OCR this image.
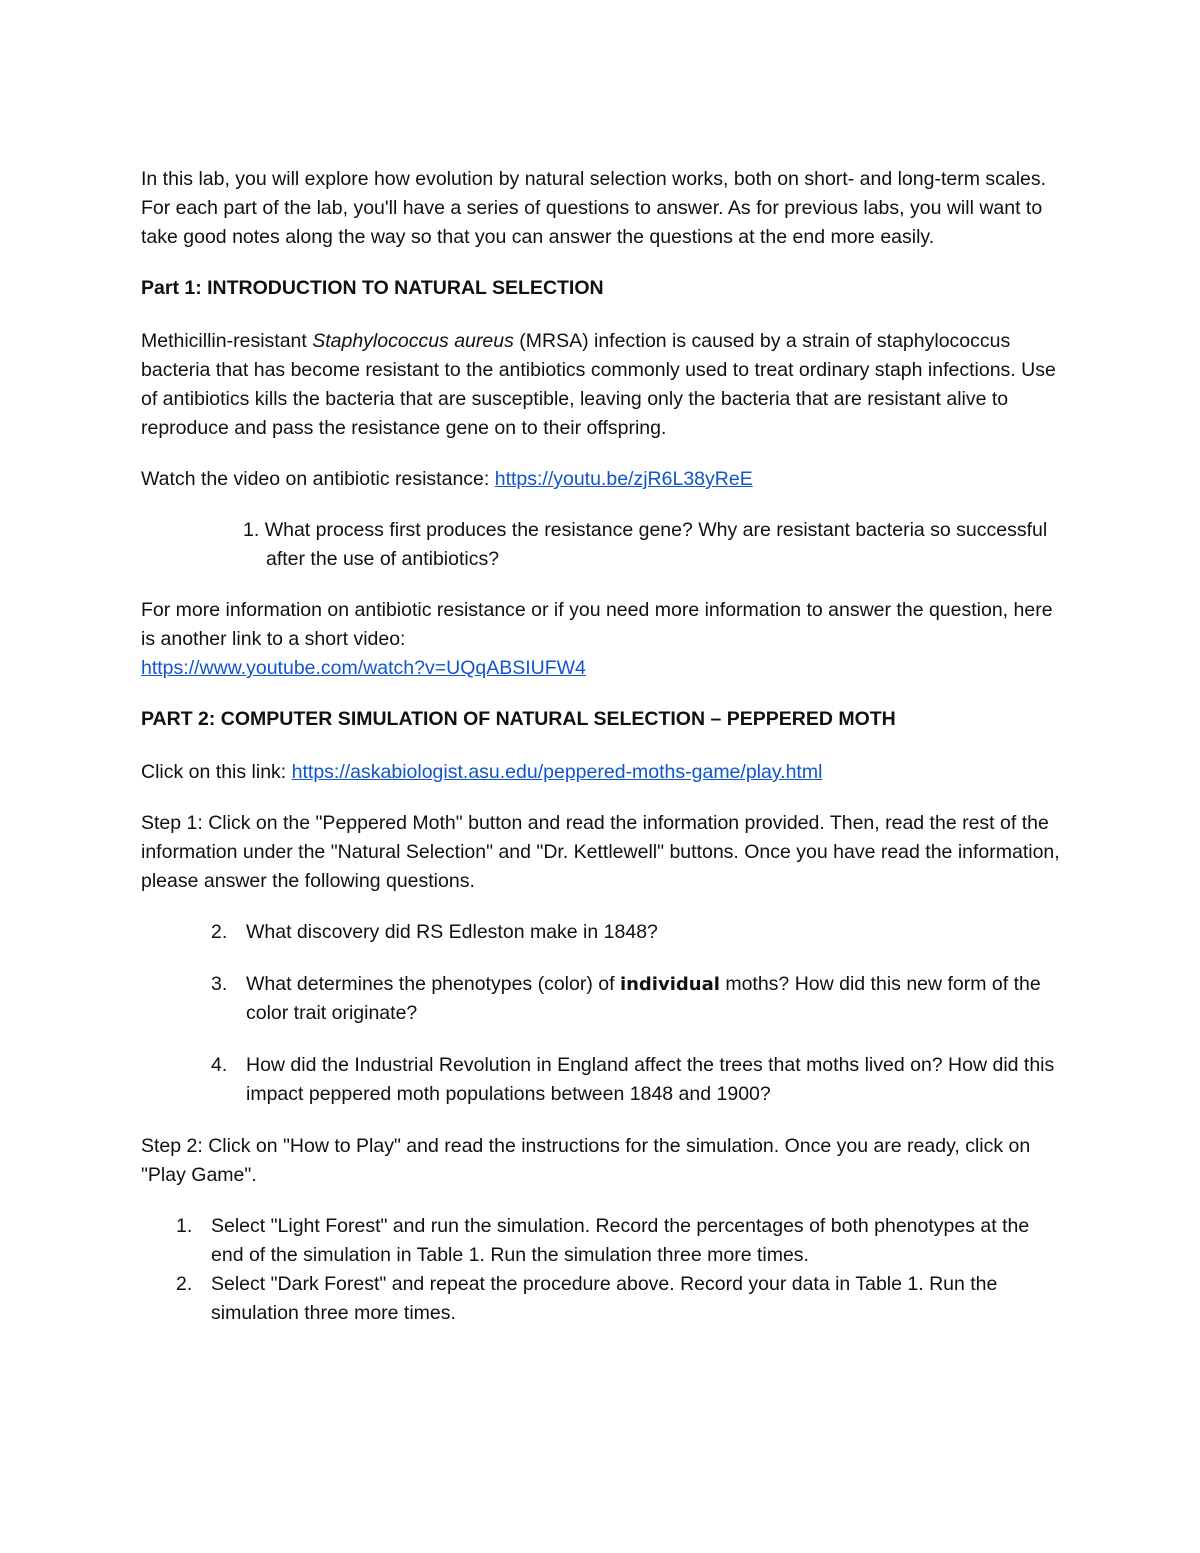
In this lab, you will explore how evolution by natural selection works, both on short- and long-term scales. For each part of the lab, you'll have a series of questions to answer. As for previous labs, you will want to take good notes along the way so that you can answer the questions at the end more easily.

Part 1: INTRODUCTION TO NATURAL SELECTION

Methicillin-resistant Staphylococcus aureus (MRSA) infection is caused by a strain of staphylococcus bacteria that has become resistant to the antibiotics commonly used to treat ordinary staph infections. Use of antibiotics kills the bacteria that are susceptible, leaving only the bacteria that are resistant alive to reproduce and pass the resistance gene on to their offspring.

Watch the video on antibiotic resistance: https://youtu.be/zjR6L38yReE

1. What process first produces the resistance gene? Why are resistant bacteria so successful after the use of antibiotics?

For more information on antibiotic resistance or if you need more information to answer the question, here is another link to a short video:
https://www.youtube.com/watch?v=UQqABSIUFW4

PART 2: COMPUTER SIMULATION OF NATURAL SELECTION – PEPPERED MOTH

Click on this link: https://askabiologist.asu.edu/peppered-moths-game/play.html

Step 1: Click on the "Peppered Moth" button and read the information provided. Then, read the rest of the information under the "Natural Selection" and "Dr. Kettlewell" buttons. Once you have read the information, please answer the following questions.

2. What discovery did RS Edleston make in 1848?

3. What determines the phenotypes (color) of individual moths? How did this new form of the color trait originate?

4. How did the Industrial Revolution in England affect the trees that moths lived on? How did this impact peppered moth populations between 1848 and 1900?

Step 2: Click on "How to Play" and read the instructions for the simulation. Once you are ready, click on "Play Game".

1. Select "Light Forest" and run the simulation. Record the percentages of both phenotypes at the end of the simulation in Table 1. Run the simulation three more times.
2. Select "Dark Forest" and repeat the procedure above. Record your data in Table 1. Run the simulation three more times.
